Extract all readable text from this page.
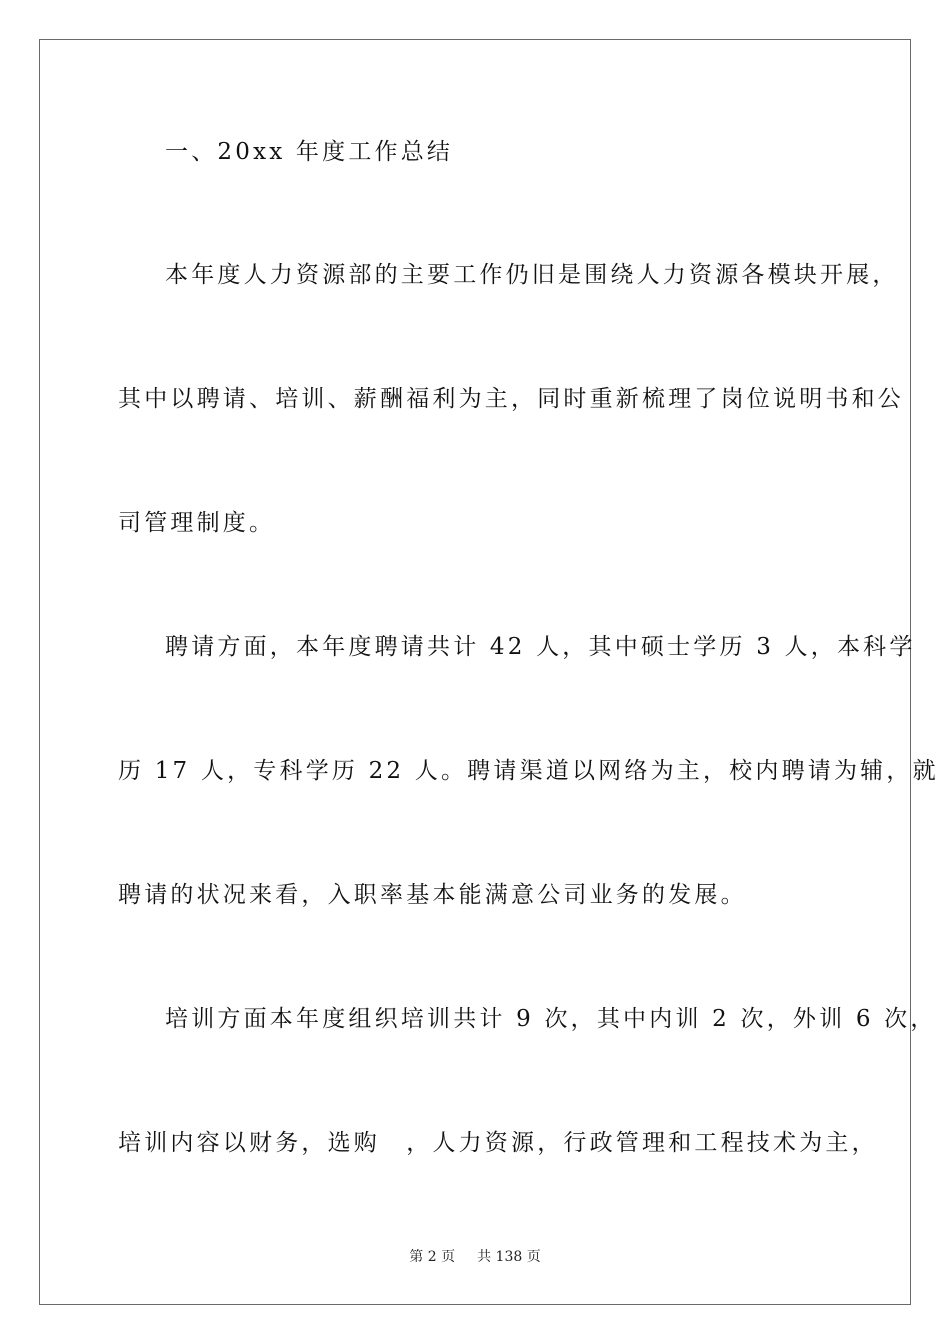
一、20xx 年度工作总结
本年度人力资源部的主要工作仍旧是围绕人力资源各模块开展，
其中以聘请、培训、薪酬福利为主，同时重新梳理了岗位说明书和公
司管理制度。
聘请方面，本年度聘请共计 42 人，其中硕士学历 3 人，本科学
历 17 人，专科学历 22 人。聘请渠道以网络为主，校内聘请为辅，就
聘请的状况来看，入职率基本能满意公司业务的发展。
培训方面本年度组织培训共计 9 次，其中内训 2 次，外训 6 次，
培训内容以财务，选购　，人力资源，行政管理和工程技术为主，
第 2 页 共 138 页
